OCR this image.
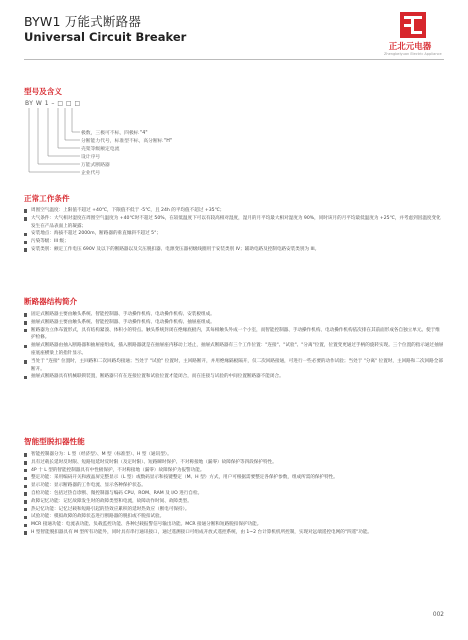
BYW1 万能式断路器
Universal Circuit Breaker
正北元电器
Zhengbeiyuan Electric Appliance
型号及含义
BY W 1 – □ □ □
极数，三极可不标，四极标 "4"
分断能力代号，标准型不标，高分断标 "H"
壳架等级额定电流
设计序号
万能式断路器
企业代号
正常工作条件

周围空气温度：上限值不超过 +40℃，下限值不低于 -5℃，且 24h 的平均值不超过 +35℃；

大气条件：大气相对湿度在周围空气温度为 +40℃时不超过 50%，在较低温度下可以有较高相对湿度，湿月的月平均最大相对湿度为 90%，同时该月的月平均最低温度为 +25℃，并考虑到因温度变化发生在产品表面上的凝露；

安装地点：海拔不超过 2000m，断路器的垂直倾斜不超过 5°；

污染等级：III 级；

安装类别：额定工作电压 690V 及以下的断路器以及欠压脱扣器、电源变压器初级线圈用于安装类别 IV；辅助电路及控制电路安装类别为 III。

断路器结构简介

固定式断路器主要由触头系统、智能控制器、手动操作机构、电动操作机构、安装板组成。

抽屉式断路器主要由触头系统、智能控制器、手动操作机构、电动操作机构、抽屉座组成。

断路器为立体布置形式，具有结构紧凑、体积小的特点。触头系统封闭在绝缘底板内，其每相触头外成一个小室，而智能控制器、手动操作机构、电动操作机构依次排在其前面形成各自独立单元。使于维护检修。

抽屉式断路器由抽入断路器和抽屉座组成，插入断路器就是在抽屉座内移动上述止，抽屉式断路器有三个工作位置："连接"、"试验"、"分离"位置，位置变更通过手柄的旋转实现。三个位置的指示通过抽屉座底座横梁上的指针显示。

当处于 "连接" 位置时，主回路和二次回路均接通；当处于 "试验" 位置时，主回路断开，并用绝缘隔板隔开，仅二次回路接通，可进行一些必要的动作试验；当处于 "分离" 位置时，主回路和二次回路全部断开。

抽屉式断路器具有机械联锁装置，断路器只有在连接位置和试验位置才能闭合，而在连接与试验的中间位置断路器不能闭合。

智能型脱扣器性能

智能控制器分为：L 型（经济型）、M 型（标准型）、H 型（通讯型）。

具有过载长延时反时限、短路短延时反时限（及定时限）、短路瞬时保护、不对称接地（漏零）故障保护等四段保护特性。

4P 十 L 型的智能控制器具有中性极保护，不对称接地（漏零）故障保护为报警功能。

整定功能：采用编码开关和液晶屏完整显示（L 型）或数码显示和按键整定（M、H 型）方式，用户可根据需要整定各保护参数，组成所需的保护特性。

显示功能：显示断路器的工作电流、显示各种保护状态。

自检功能：包括过热自诊断、微控制器与编码 CPU、ROM、RAM 及 I/O 进行自检。

故障记忆功能：记忆故障发生时的故障类型和电流，故障动作时间、故障类型。

热记忆功能：记忆过载和短路引起的热效应累积的延时热效应（断电可保持）。

试验功能：模拟故障的故障状态进行断路器的脱扣或不脱扣试验。

MCR 接通功能：电流表功能、负载监控功能、各种过载报警信号输出功能。MCR 接通分断和短路脱扣保护功能。

H 型智能脱扣器具有 M 型所有功能外，同时具有串行通讯接口，通过遥测接口可组成开放式遥控系统，由 1~2 台计算机机所控制，实现对远端遥控电网的"四遥"功能。

002
